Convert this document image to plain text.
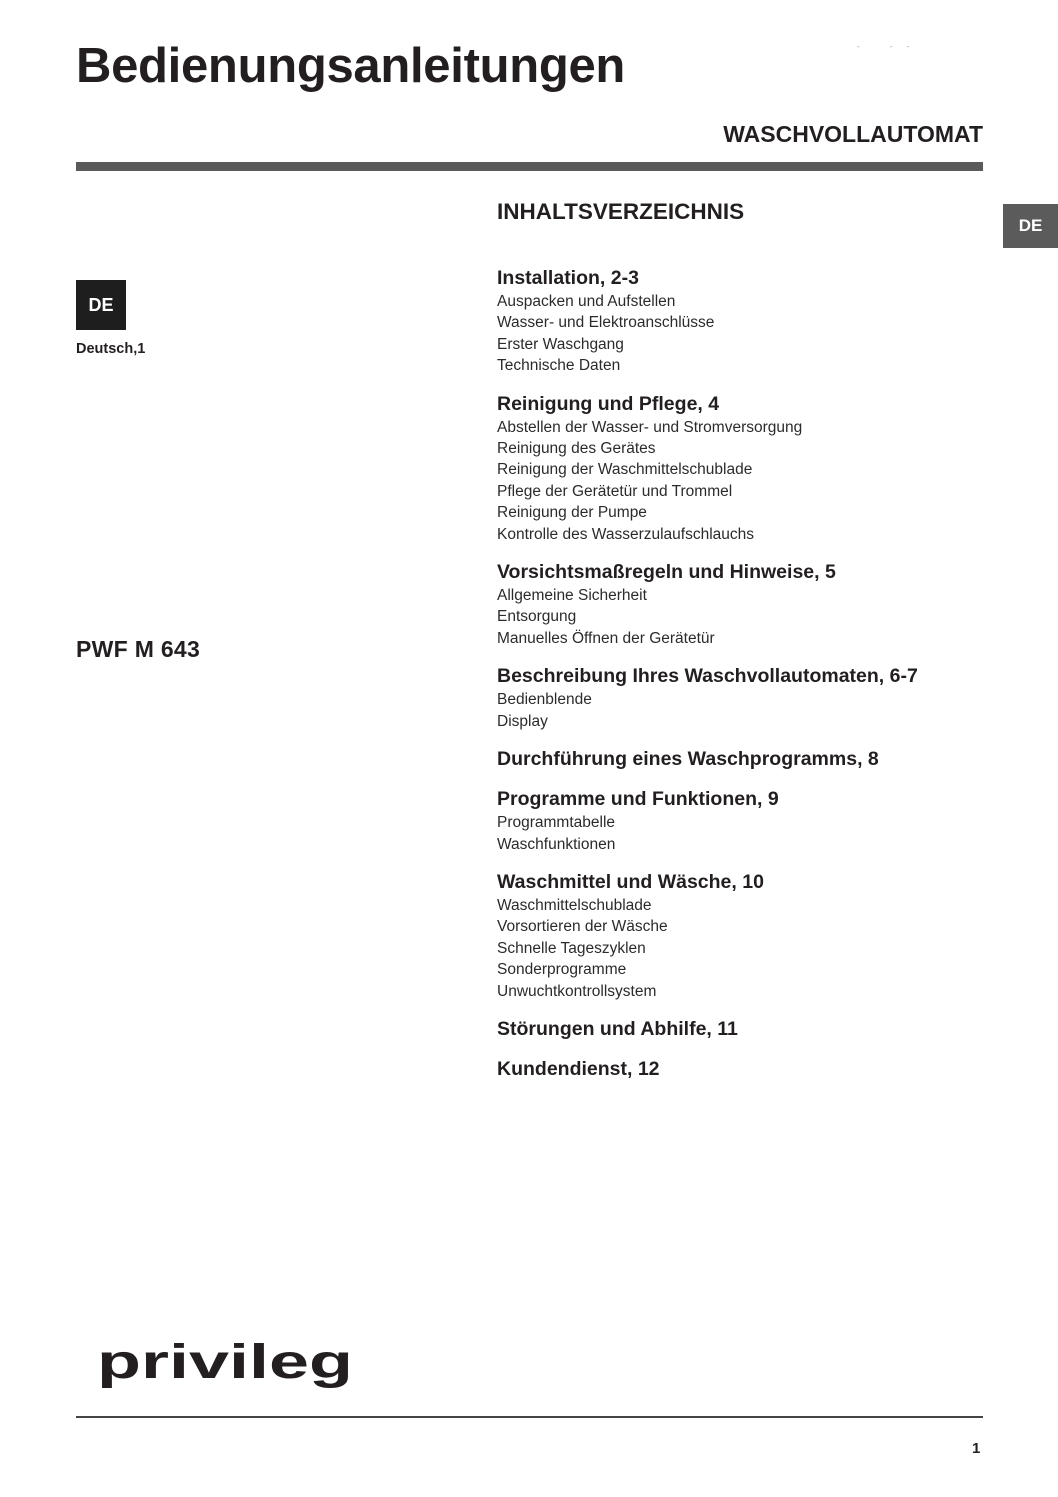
Bedienungsanleitungen	- --
WASCHVOLLAUTOMAT
DE
DE
Deutsch,1
PWF M 643
INHALTSVERZEICHNIS
Installation, 2-3
Auspacken und Aufstellen
Wasser- und Elektroanschlüsse
Erster Waschgang
Technische Daten
Reinigung und Pflege, 4
Abstellen der Wasser- und Stromversorgung
Reinigung des Gerätes
Reinigung der Waschmittelschublade
Pflege der Gerätetür und Trommel
Reinigung der Pumpe
Kontrolle des Wasserzulaufschlauchs
Vorsichtsmaßregeln und Hinweise, 5
Allgemeine Sicherheit
Entsorgung
Manuelles Öffnen der Gerätetür
Beschreibung Ihres Waschvollautomaten, 6-7
Bedienblende
Display
Durchführung eines Waschprogramms, 8
Programme und Funktionen, 9
Programmtabelle
Waschfunktionen
Waschmittel und Wäsche, 10
Waschmittelschublade
Vorsortieren der Wäsche
Schnelle Tageszyklen
Sonderprogramme
Unwuchtkontrollsystem
Störungen und Abhilfe, 11
Kundendienst, 12
privileg
1
